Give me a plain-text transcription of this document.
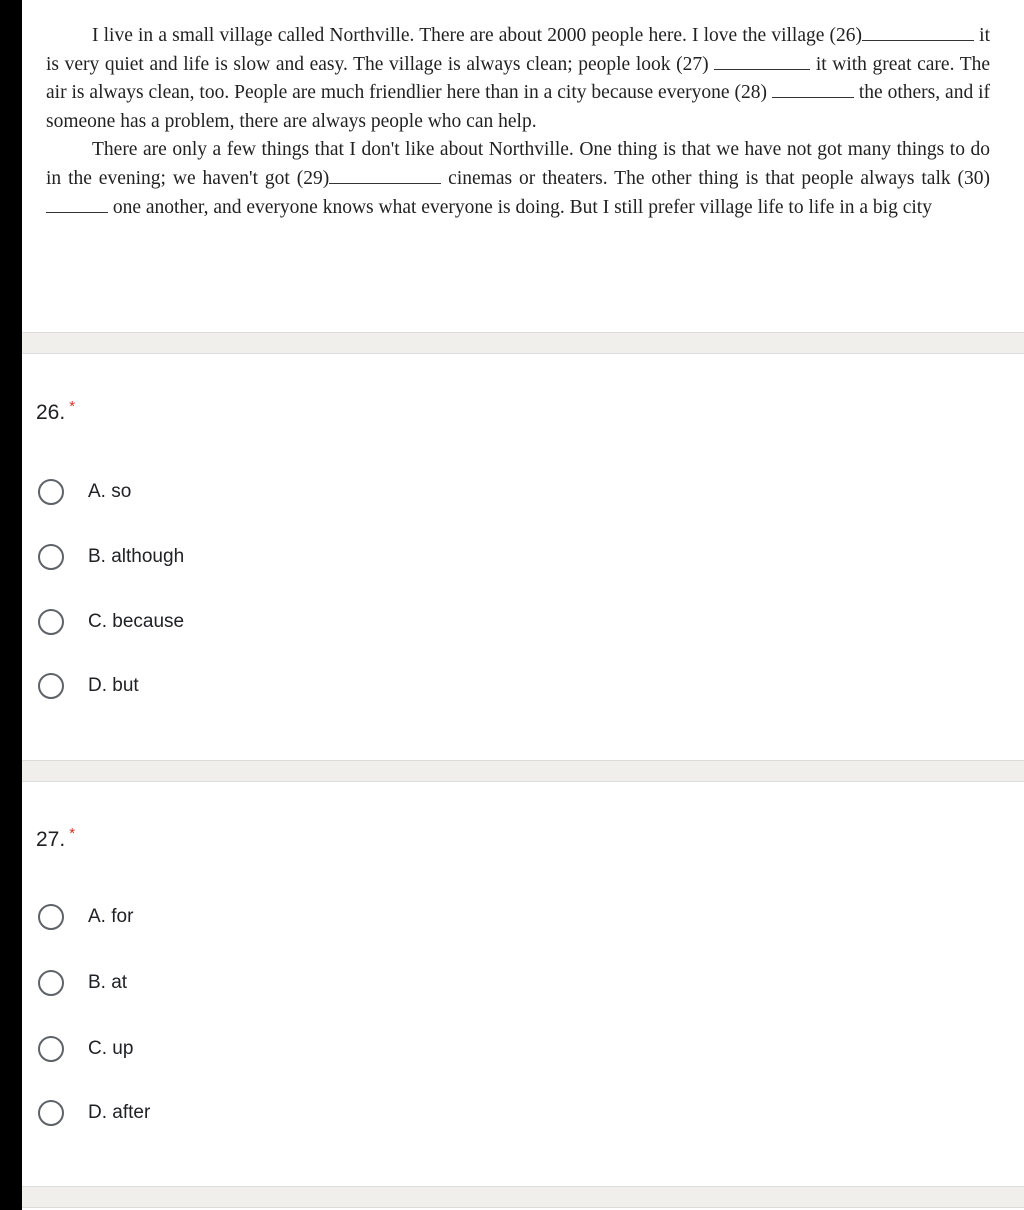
I live in a small village called Northville. There are about 2000 people here. I love the village (26)	it is very quiet and life is slow and easy. The village is always clean; people look (27)	it with great care. The air is always clean, too. People are much friendlier here than in a city because everyone (28)	the others, and if someone has a problem, there are always people who can help.

There are only a few things that I don't like about Northville. One thing is that we have not got many things to do in the evening; we haven't got (29)	cinemas or theaters. The other thing is that people always talk (30)  one another, and everyone knows what everyone is doing. But I still prefer village life to life in a big city

26. *
A. so
B. although
C. because
D. but
27. *
A. for
B. at
C. up
D. after
